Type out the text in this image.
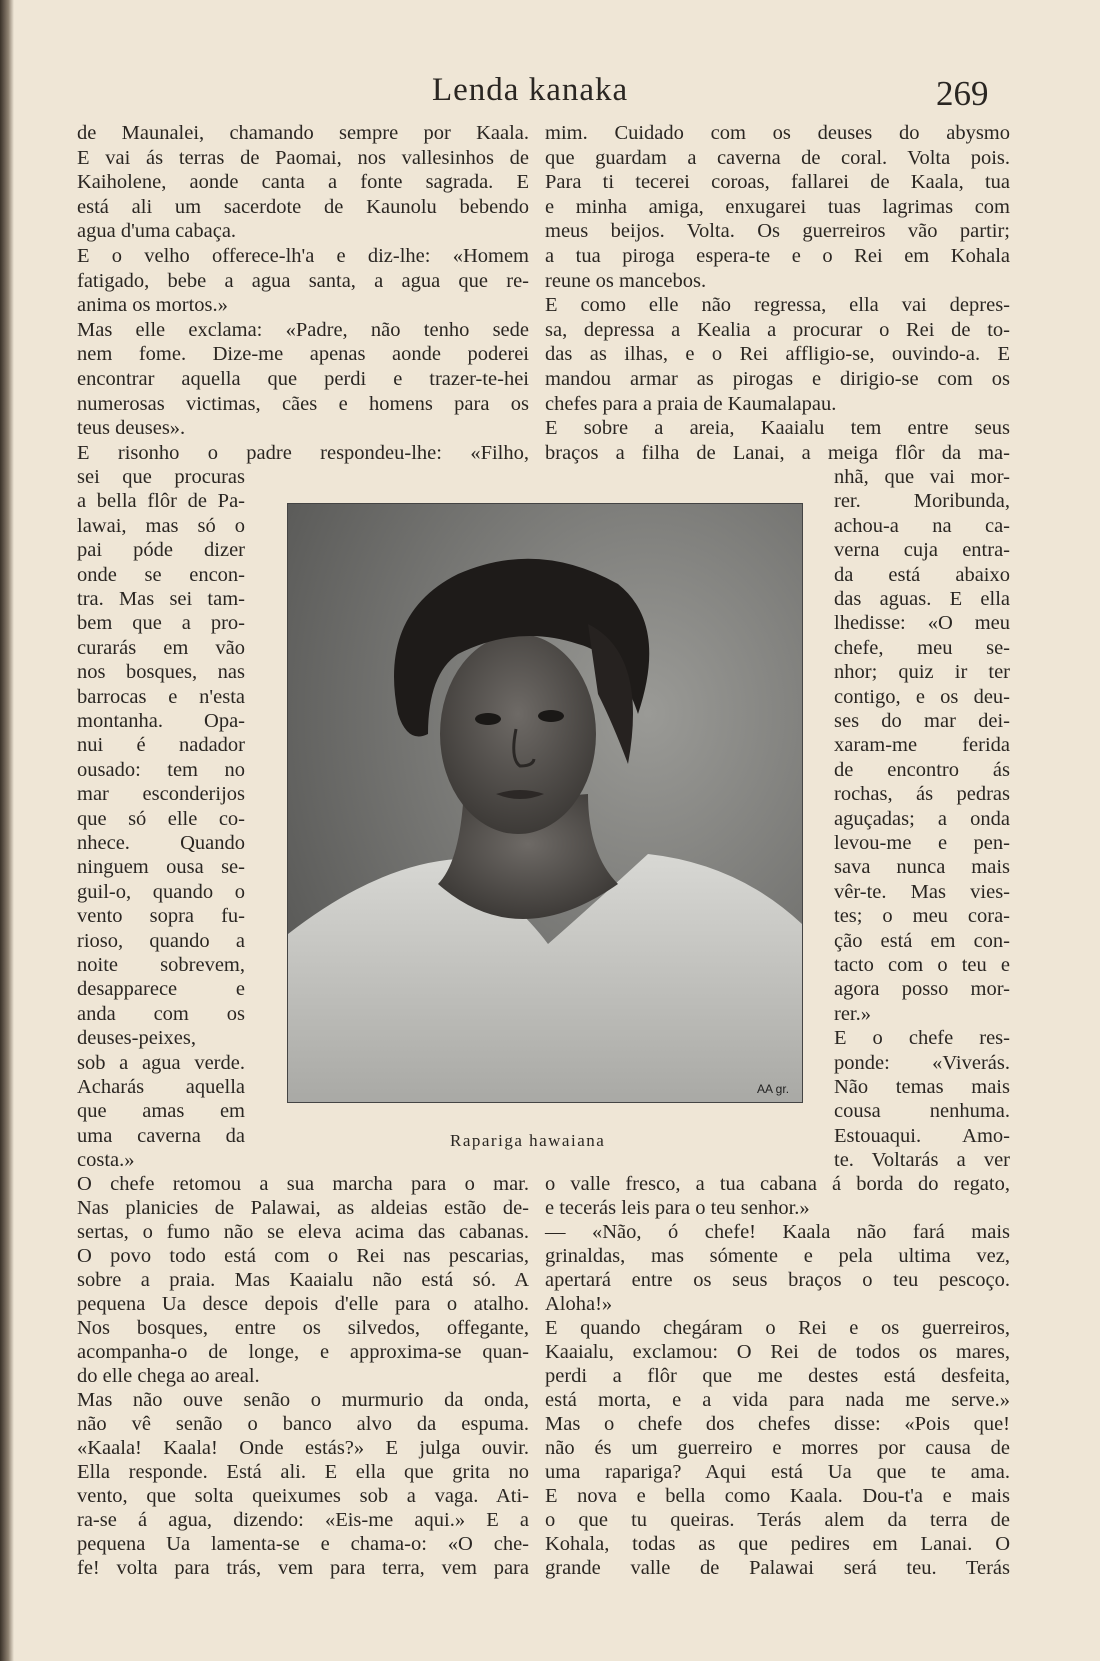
Lenda kanaka	269
de Maunalei, chamando sempre por Kaala.
E vai ás terras de Paomai, nos vallesinhos de
Kaiholene, aonde canta a fonte sagrada. E
está ali um sacerdote de Kaunolu bebendo
agua d'uma cabaça.
E o velho offerece-lh'a e diz-lhe: «Homem
fatigado, bebe a agua santa, a agua que re-
anima os mortos.»
Mas elle exclama: «Padre, não tenho sede
nem fome. Dize-me apenas aonde poderei
encontrar aquella que perdi e trazer-te-hei
numerosas victimas, cães e homens para os
teus deuses».
E risonho o padre respondeu-lhe: «Filho,
sei que procuras
a bella flôr de Pa-
lawai, mas só o
pai póde dizer
onde se encon-
tra. Mas sei tam-
bem que a pro-
curarás em vão
nos bosques, nas
barrocas e n'esta
montanha. Opa-
nui é nadador
ousado: tem no
mar esconderijos
que só elle co-
nhece. Quando
ninguem ousa se-
guil-o, quando o
vento sopra fu-
rioso, quando a
noite sobrevem,
desapparece e
anda com os
deuses-peixes,
sob a agua verde.
Acharás aquella
que amas em
uma caverna da
costa.»
O chefe retomou a sua marcha para o mar.
Nas planicies de Palawai, as aldeias estão de-
sertas, o fumo não se eleva acima das cabanas.
O povo todo está com o Rei nas pescarias,
sobre a praia. Mas Kaaialu não está só. A
pequena Ua desce depois d'elle para o atalho.
Nos bosques, entre os silvedos, offegante,
acompanha-o de longe, e approxima-se quan-
do elle chega ao areal.
Mas não ouve senão o murmurio da onda,
não vê senão o banco alvo da espuma.
«Kaala! Kaala! Onde estás?» E julga ouvir.
Ella responde. Está ali. E ella que grita no
vento, que solta queixumes sob a vaga. Ati-
ra-se á agua, dizendo: «Eis-me aqui.» E a
pequena Ua lamenta-se e chama-o: «O che-
fe! volta para trás, vem para terra, vem para
mim. Cuidado com os deuses do abysmo
que guardam a caverna de coral. Volta pois.
Para ti tecerei coroas, fallarei de Kaala, tua
e minha amiga, enxugarei tuas lagrimas com
meus beijos. Volta. Os guerreiros vão partir;
a tua piroga espera-te e o Rei em Kohala
reune os mancebos.
E como elle não regressa, ella vai depres-
sa, depressa a Kealia a procurar o Rei de to-
das as ilhas, e o Rei affligio-se, ouvindo-a. E
mandou armar as pirogas e dirigio-se com os
chefes para a praia de Kaumalapau.
E sobre a areia, Kaaialu tem entre seus
braços a filha de Lanai, a meiga flôr da ma-
nhã, que vai mor-
rer. Moribunda,
achou-a na ca-
verna cuja entra-
da está abaixo
das aguas. E ella
lhedisse: «O meu
chefe, meu se-
nhor; quiz ir ter
contigo, e os deu-
ses do mar dei-
xaram-me ferida
de encontro ás
rochas, ás pedras
aguçadas; a onda
levou-me e pen-
sava nunca mais
vêr-te. Mas vies-
tes; o meu cora-
ção está em con-
tacto com o teu e
agora posso mor-
rer.»
E o chefe res-
ponde: «Viverás.
Não temas mais
cousa nenhuma.
Estouaqui. Amo-
te. Voltarás a ver
o valle fresco, a tua cabana á borda do regato,
e tecerás leis para o teu senhor.»
— «Não, ó chefe! Kaala não fará mais
grinaldas, mas sómente e pela ultima vez,
apertará entre os seus braços o teu pescoço.
Aloha!»
E quando chegáram o Rei e os guerreiros,
Kaaialu, exclamou: O Rei de todos os mares,
perdi a flôr que me destes está desfeita,
está morta, e a vida para nada me serve.»
Mas o chefe dos chefes disse: «Pois que!
não és um guerreiro e morres por causa de
uma rapariga? Aqui está Ua que te ama.
E nova e bella como Kaala. Dou-t'a e mais
o que tu queiras. Terás alem da terra de
Kohala, todas as que pedires em Lanai. O
grande valle de Palawai será teu. Terás
AA gr.
Rapariga hawaiana
